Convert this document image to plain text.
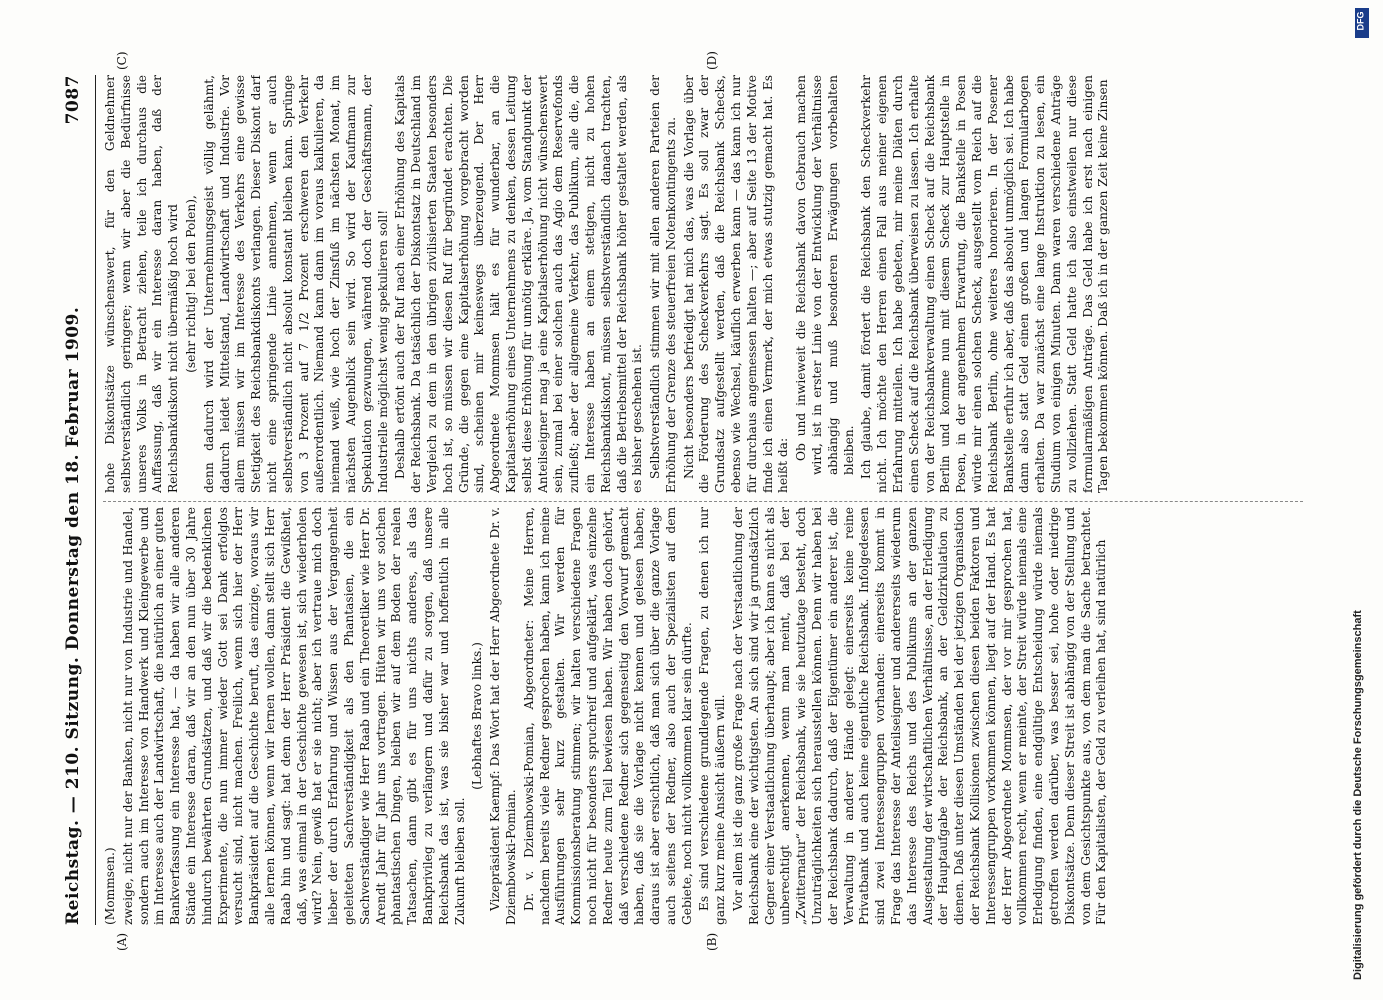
Reichstag. — 210. Sitzung. Donnerstag den 18. Februar 1909.
7087
(A)	(B)
(C)	(D)

(Mommsen.) zweige, nicht nur der Banken, nicht nur von Industrie und Handel, sondern auch im Interesse von Handwerk und Kleingewerbe und im Interesse auch der Landwirtschaft, die natürlich an einer guten Bankverfassung ein Interesse hat, — da haben wir alle anderen Stände ein Interesse daran, daß wir an den nun über 30 Jahre hindurch bewährten Grundsätzen, und daß wir die bedenklichen Experimente, die nun immer wieder Gott sei Dank erfolglos versucht sind, nicht machen. Freilich, wenn sich hier der Herr Bankpräsident auf die Geschichte beruft, das einzige, woraus wir alle lernen können, wenn wir lernen wollen, dann stellt sich Herr Raab hin und sagt: hat denn der Herr Präsident die Gewißheit, daß, was einmal in der Geschichte gewesen ist, sich wiederholen wird? Nein, gewiß hat er sie nicht; aber ich vertraue mich doch lieber der durch Erfahrung und Wissen aus der Vergangenheit geleiteten Sachverständigkeit als den Phantasien, die ein Sachverständiger wie Herr Raab und ein Theoretiker wie Herr Dr. Arendt Jahr für Jahr uns vortragen. Hüten wir uns vor solchen phantastischen Dingen, bleiben wir auf dem Boden der realen Tatsachen, dann gibt es für uns nichts anderes, als das Bankprivileg zu verlängern und dafür zu sorgen, daß unsere Reichsbank das ist, was sie bisher war und hoffentlich in alle Zukunft bleiben soll.

(Lebhaftes Bravo links.) Vizepräsident Kaempf: Das Wort hat der Herr Abgeordnete Dr. v. Dziembowski-Pomian. Dr. v. Dziembowski-Pomian, Abgeordneter: Meine Herren, nachdem bereits viele Redner gesprochen haben, kann ich meine Ausführungen sehr kurz gestalten. Wir werden für Kommissionsberatung stimmen; wir halten verschiedene Fragen noch nicht für besonders spruchreif und aufgeklärt, was einzelne Redner heute zum Teil bewiesen haben. Wir haben doch gehört, daß verschiedene Redner sich gegenseitig den Vorwurf gemacht haben, daß sie die Vorlage nicht kennen und gelesen haben; daraus ist aber ersichtlich, daß man sich über die ganze Vorlage auch seitens der Redner, also auch der Spezialisten auf dem Gebiete, noch nicht vollkommen klar sein dürfte. Es sind verschiedene grundlegende Fragen, zu denen ich nur ganz kurz meine Ansicht äußern will. Vor allem ist die ganz große Frage nach der Verstaatlichung der Reichsbank eine der wichtigsten. An sich sind wir ja grundsätzlich Gegner einer Verstaatlichung überhaupt; aber ich kann es nicht als unberechtigt anerkennen, wenn man meint, daß bei der „Zwitternatur“ der Reichsbank, wie sie heutzutage besteht, doch Unzuträglichkeiten sich herausstellen können. Denn wir haben bei der Reichsbank dadurch, daß der Eigentümer ein anderer ist, die Verwaltung in anderer Hände gelegt: einerseits keine reine Privatbank und auch keine eigentliche Reichsbank. Infolgedessen sind zwei Interessengruppen vorhanden: einerseits kommt in Frage das Interesse der Anteilseigner und andererseits wiederum das Interesse des Reichs und des Publikums an der ganzen Ausgestaltung der wirtschaftlichen Verhältnisse, an der Erledigung der Hauptaufgabe der Reichsbank, an der Geldzirkulation zu dienen. Daß unter diesen Umständen bei der jetzigen Organisation der Reichsbank Kollisionen zwischen diesen beiden Faktoren und Interessengruppen vorkommen können, liegt auf der Hand. Es hat der Herr Abgeordnete Mommsen, der vor mir gesprochen hat, vollkommen recht, wenn er meinte, der Streit würde niemals eine Erledigung finden, eine endgültige Entscheidung würde niemals getroffen werden darüber, was besser sei, hohe oder niedrige Diskontsätze. Denn dieser Streit ist abhängig von der Stellung und von dem Gesichtspunkte aus, von dem man die Sache betrachtet. Für den Kapitalisten, der Geld zu verleihen hat, sind natürlich

hohe Diskontsätze wünschenswert, für den Geldnehmer selbstverständlich geringere; wenn wir aber die Bedürfnisse unseres Volks in Betracht ziehen, teile ich durchaus die Auffassung, daß wir ein Interesse daran haben, daß der Reichsbankdiskont nicht übermäßig hoch wird (sehr richtig! bei den Polen), denn dadurch wird der Unternehmungsgeist völlig gelähmt, dadurch leidet Mittelstand, Landwirtschaft und Industrie. Vor allem müssen wir im Interesse des Verkehrs eine gewisse Stetigkeit des Reichsbankdiskonts verlangen. Dieser Diskont darf nicht eine springende Linie annehmen, wenn er auch selbstverständlich nicht absolut konstant bleiben kann. Sprünge von 3 Prozent auf 7 1/2 Prozent erschweren den Verkehr außerordentlich. Niemand kann dann im voraus kalkulieren, da niemand weiß, wie hoch der Zinsfuß im nächsten Monat, im nächsten Augenblick sein wird. So wird der Kaufmann zur Spekulation gezwungen, während doch der Geschäftsmann, der Industrielle möglichst wenig spekulieren soll! Deshalb ertönt auch der Ruf nach einer Erhöhung des Kapitals der Reichsbank. Da tatsächlich der Diskontsatz in Deutschland im Vergleich zu dem in den übrigen zivilisierten Staaten besonders hoch ist, so müssen wir diesen Ruf für begründet erachten. Die Gründe, die gegen eine Kapitalserhöhung vorgebracht worden sind, scheinen mir keineswegs überzeugend. Der Herr Abgeordnete Mommsen hält es für wunderbar, an die Kapitalserhöhung eines Unternehmens zu denken, dessen Leitung selbst diese Erhöhung für unnötig erkläre. Ja, vom Standpunkt der Anteilseigner mag ja eine Kapitalserhöhung nicht wünschenswert sein, zumal bei einer solchen auch das Agio dem Reservefonds zufließt; aber der allgemeine Verkehr, das Publikum, alle die, die ein Interesse haben an einem stetigen, nicht zu hohen Reichsbankdiskont, müssen selbstverständlich danach trachten, daß die Betriebsmittel der Reichsbank höher gestaltet werden, als es bisher geschehen ist. Selbstverständlich stimmen wir mit allen anderen Parteien der Erhöhung der Grenze des steuerfreien Notenkontingents zu. Nicht besonders befriedigt hat mich das, was die Vorlage über die Förderung des Scheckverkehrs sagt. Es soll zwar der Grundsatz aufgestellt werden, daß die Reichsbank Schecks, ebenso wie Wechsel, käuflich erwerben kann — das kann ich nur für durchaus angemessen halten —; aber auf Seite 13 der Motive finde ich einen Vermerk, der mich etwas stutzig gemacht hat. Es heißt da:

Ob und inwieweit die Reichsbank davon Gebrauch machen wird, ist in erster Linie von der Entwicklung der Verhältnisse abhängig und muß besonderen Erwägungen vorbehalten bleiben. Ich glaube, damit fördert die Reichsbank den Scheckverkehr nicht. Ich möchte den Herren einen Fall aus meiner eigenen Erfahrung mitteilen. Ich habe gebeten, mir meine Diäten durch einen Scheck auf die Reichsbank überweisen zu lassen. Ich erhalte von der Reichsbankverwaltung einen Scheck auf die Reichsbank Berlin und komme nun mit diesem Scheck zur Hauptstelle in Posen, in der angenehmen Erwartung, die Bankstelle in Posen würde mir einen solchen Scheck, ausgestellt vom Reich auf die Reichsbank Berlin, ohne weiteres honorieren. In der Posener Bankstelle erfuhr ich aber, daß das absolut unmöglich sei. Ich habe dann also statt Geld einen großen und langen Formularbogen erhalten. Da war zunächst eine lange Instruktion zu lesen, ein Studium von einigen Minuten. Dann waren verschiedene Anträge zu vollziehen. Statt Geld hatte ich also einstweilen nur diese formularmäßigen Anträge. Das Geld habe ich erst nach einigen Tagen bekommen können. Daß ich in der ganzen Zeit keine Zinsen

DFG
Digitalisierung gefördert durch die Deutsche Forschungsgemeinschaft
